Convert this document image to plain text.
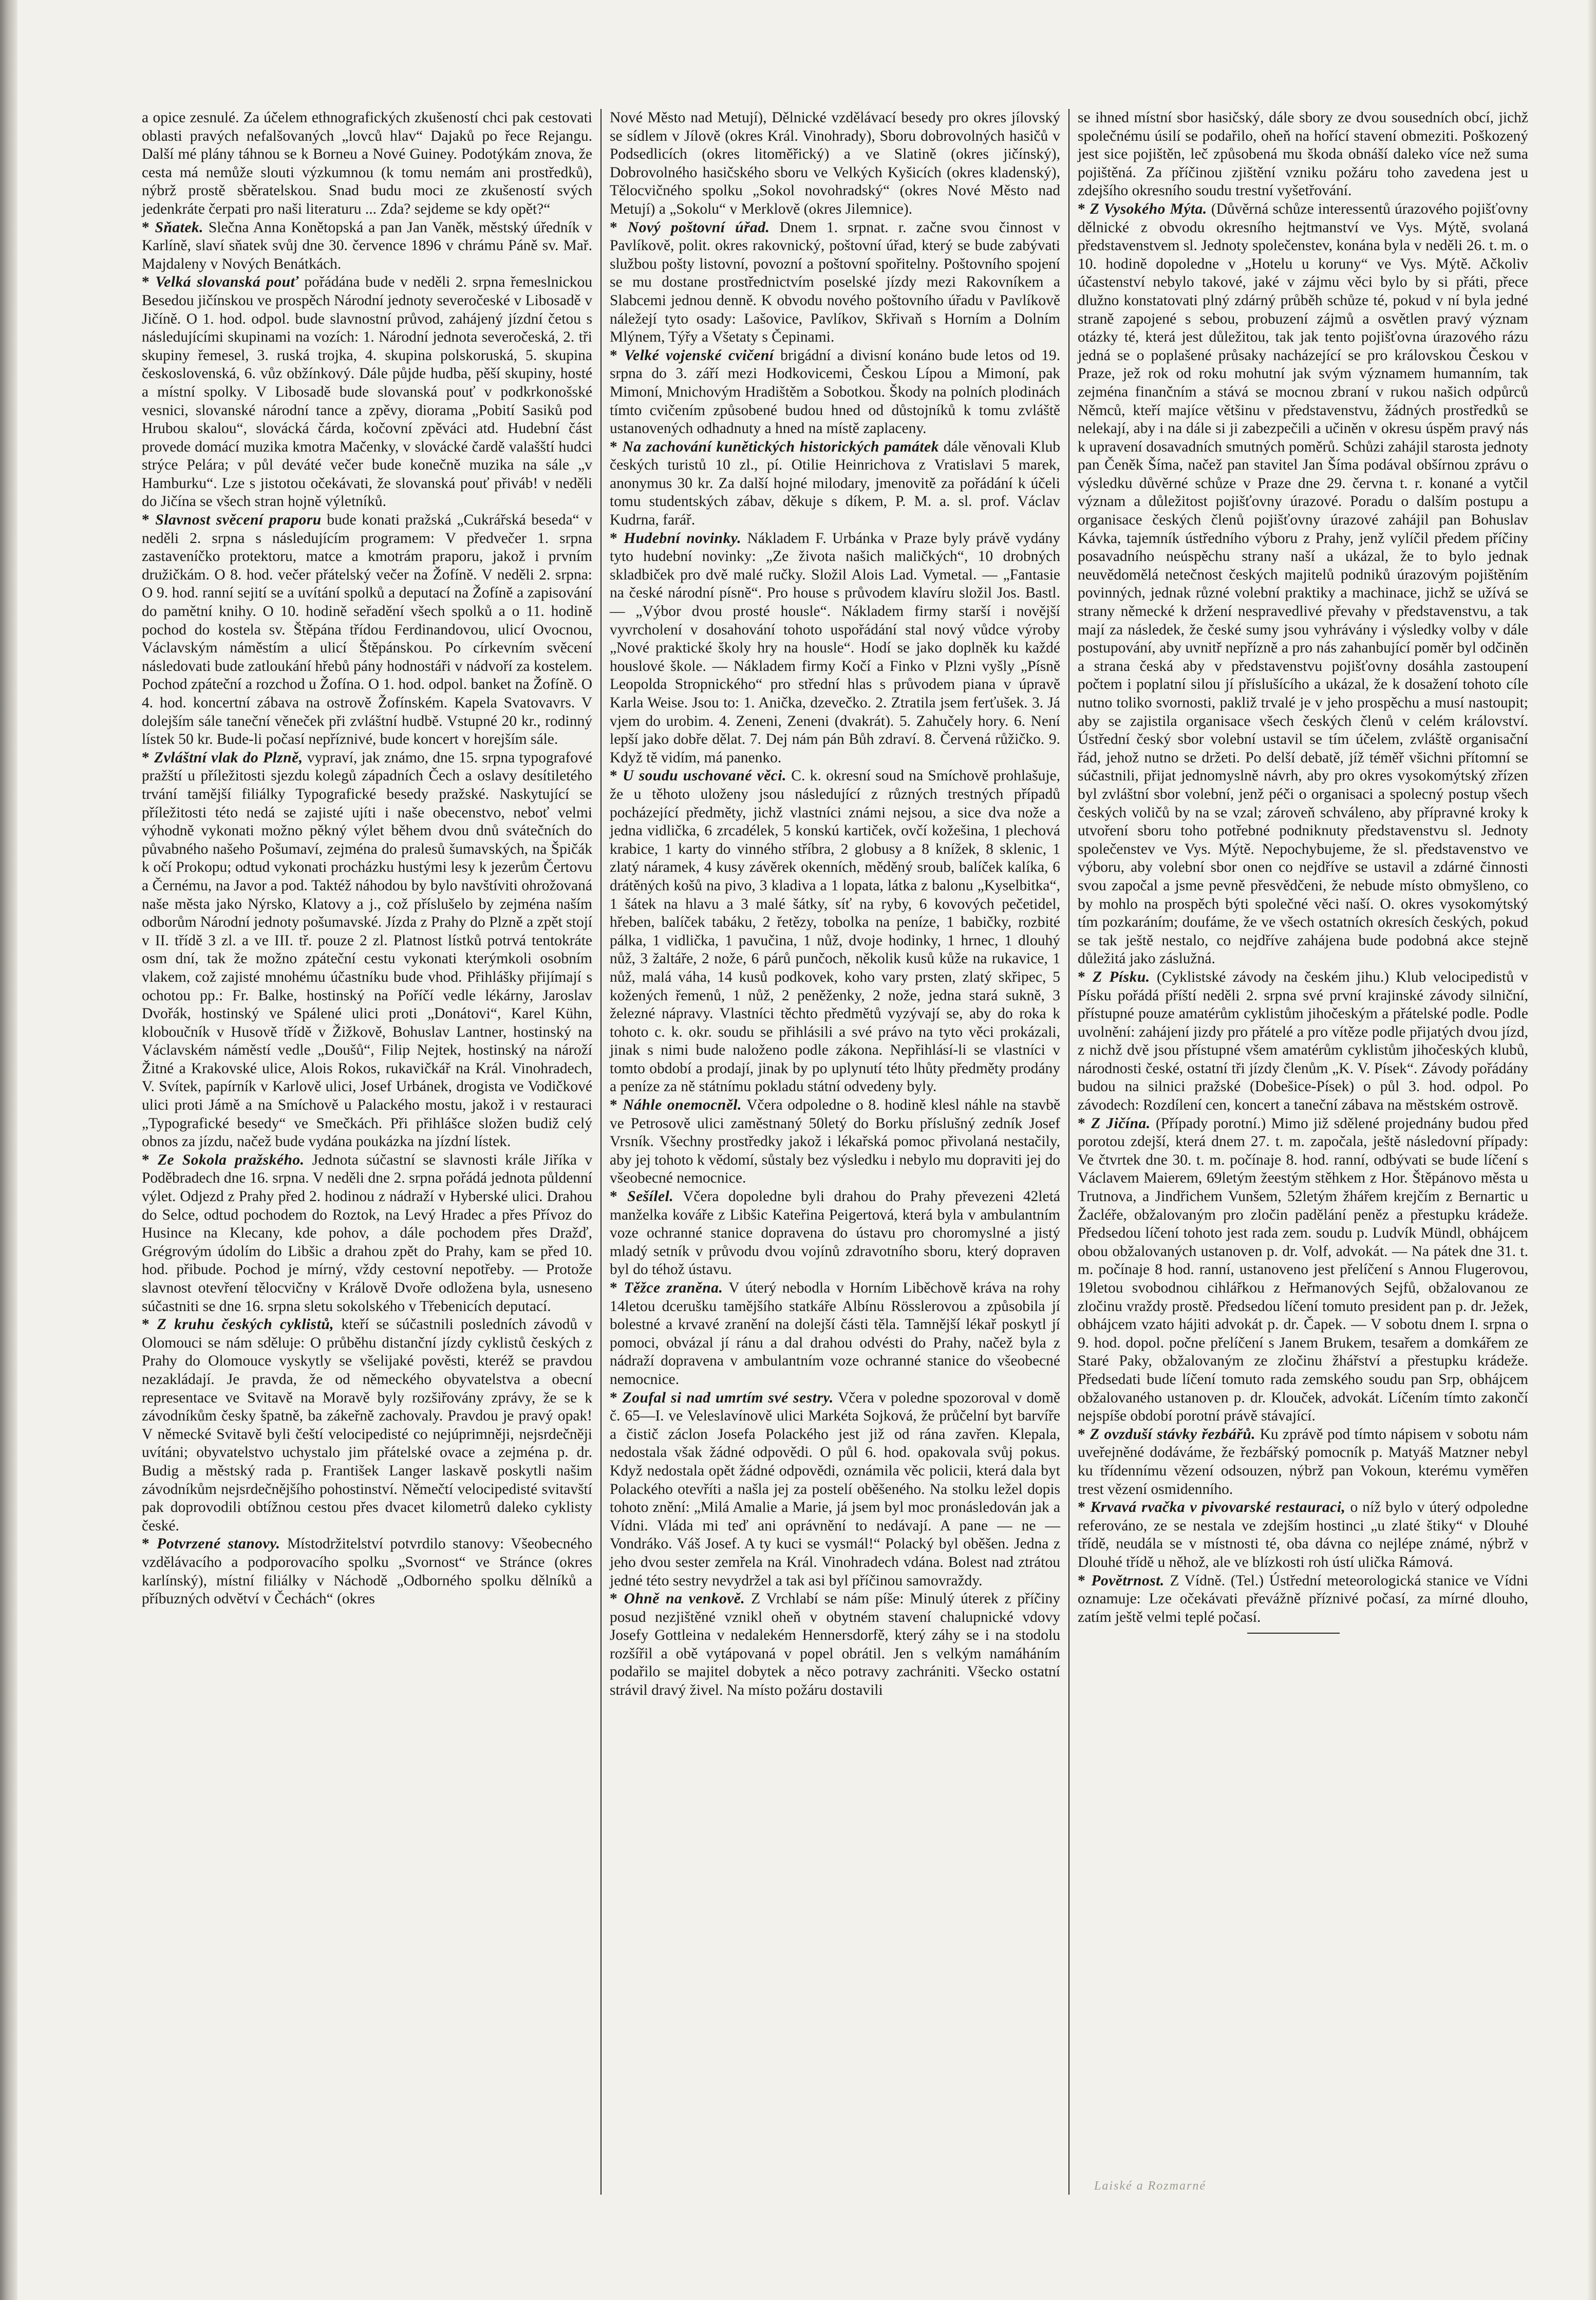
a opice zesnulé. Za účelem ethnografických zkušeností chci pak cestovati oblasti pravých nefalšovaných „lovců hlav“ Dajaků po řece Rejangu. Další mé plány táhnou se k Borneu a Nové Guiney. Podotýkám znova, že cesta má nemůže slouti výzkumnou (k tomu nemám ani prostředků), nýbrž prostě sběratelskou. Snad budu moci ze zkušeností svých jedenkráte čerpati pro naši literaturu ... Zda? sejdeme se kdy opět?“

* Sňatek. Slečna Anna Konětopská a pan Jan Vaněk, městský úředník v Karlíně, slaví sňatek svůj dne 30. července 1896 v chrámu Páně sv. Mař. Majdaleny v Nových Benátkách.

* Velká slovanská pouť pořádána bude v neděli 2. srpna řemeslnickou Besedou jičínskou ve prospěch Národní jednoty severočeské v Libosadě v Jičíně. O 1. hod. odpol. bude slavnostní průvod, zahájený jízdní četou s následujícími skupinami na vozích: 1. Národní jednota severočeská, 2. tři skupiny řemesel, 3. ruská trojka, 4. skupina polskoruská, 5. skupina československá, 6. vůz obžínkový. Dále půjde hudba, pěší skupiny, hosté a místní spolky. V Libosadě bude slovanská pouť v podkrkonošské vesnici, slovanské národní tance a zpěvy, diorama „Pobití Sasiků pod Hrubou skalou“, slovácká čárda, kočovní zpěváci atd. Hudební část provede domácí muzika kmotra Mačenky, v slovácké čardě valašští hudci strýce Pelára; v půl deváté večer bude konečně muzika na sále „v Hamburku“. Lze s jistotou očekávati, že slovanská pouť přiváb! v neděli do Jičína se všech stran hojně výletníků.

* Slavnost svěcení praporu bude konati pražská „Cukrářská beseda“ v neděli 2. srpna s následujícím programem: V předvečer 1. srpna zastaveníčko protektoru, matce a kmotrám praporu, jakož i prvním družičkám. O 8. hod. večer přátelský večer na Žofíně. V neděli 2. srpna: O 9. hod. ranní sejití se a uvítání spolků a deputací na Žofíně a zapisování do pamětní knihy. O 10. hodině seřadění všech spolků a o 11. hodině pochod do kostela sv. Štěpána třídou Ferdinandovou, ulicí Ovocnou, Václavským náměstím a ulicí Štěpánskou. Po církevním svěcení následovati bude zatloukání hřebů pány hodnostáři v nádvoří za kostelem. Pochod zpáteční a rozchod u Žofína. O 1. hod. odpol. banket na Žofíně. O 4. hod. koncertní zábava na ostrově Žofínském. Kapela Svatovavrs. V dolejším sále taneční věneček při zvláštní hudbě. Vstupné 20 kr., rodinný lístek 50 kr. Bude-li počasí nepříznivé, bude koncert v horejším sále.

* Zvláštní vlak do Plzně, vypraví, jak známo, dne 15. srpna typografové pražští u příležitosti sjezdu kolegů západních Čech a oslavy desítiletého trvání tamější filiálky Typografické besedy pražské. Naskytující se příležitosti této nedá se zajisté ujíti i naše obecenstvo, neboť velmi výhodně vykonati možno pěkný výlet během dvou dnů svátečních do půvabného našeho Pošumaví, zejména do pralesů šumavských, na Špičák k očí Prokopu; odtud vykonati procházku hustými lesy k jezerům Čertovu a Černému, na Javor a pod. Taktéž náhodou by bylo navštíviti ohrožovaná naše města jako Nýrsko, Klatovy a j., což příslušelo by zejména naším odborům Národní jednoty pošumavské. Jízda z Prahy do Plzně a zpět stojí v II. třídě 3 zl. a ve III. tř. pouze 2 zl. Platnost lístků potrvá tentokráte osm dní, tak že možno zpáteční cestu vykonati kterýmkoli osobním vlakem, což zajisté mnohému účastníku bude vhod. Přihlášky přijímají s ochotou pp.: Fr. Balke, hostinský na Poříčí vedle lékárny, Jaroslav Dvořák, hostinský ve Spálené ulici proti „Donátovi“, Karel Kühn, kloboučník v Husově třídě v Žižkově, Bohuslav Lantner, hostinský na Václavském náměstí vedle „Doušů“, Filip Nejtek, hostinský na nároží Žitné a Krakovské ulice, Alois Rokos, rukavičkář na Král. Vinohradech, V. Svítek, papírník v Karlově ulici, Josef Urbánek, drogista ve Vodičkové ulici proti Jámě a na Smíchově u Palackého mostu, jakož i v restauraci „Typografické besedy“ ve Smečkách. Při přihlášce složen budiž celý obnos za jízdu, načež bude vydána poukázka na jízdní lístek.

* Ze Sokola pražského. Jednota súčastní se slavnosti krále Jiříka v Poděbradech dne 16. srpna. V neděli dne 2. srpna pořádá jednota půldenní výlet. Odjezd z Prahy před 2. hodinou z nádraží v Hyberské ulici. Drahou do Selce, odtud pochodem do Roztok, na Levý Hradec a přes Přívoz do Husince na Klecany, kde pohov, a dále pochodem přes Dražď, Grégrovým údolím do Libšic a drahou zpět do Prahy, kam se před 10. hod. přibude. Pochod je mírný, vždy cestovní nepotřeby. — Protože slavnost otevření tělocvičny v Králově Dvoře odložena byla, usneseno súčastniti se dne 16. srpna sletu sokolského v Třebenicích deputací.

* Z kruhu českých cyklistů, kteří se súčastnili posledních závodů v Olomouci se nám sděluje: O průběhu distanční jízdy cyklistů českých z Prahy do Olomouce vyskytly se všelijaké pověsti, kteréž se pravdou nezakládají. Je pravda, že od německého obyvatelstva a obecní representace ve Svitavě na Moravě byly rozšiřovány zprávy, že se k závodníkům česky špatně, ba zákeřně zachovaly. Pravdou je pravý opak! V německé Svitavě byli čeští velocipedisté co nejúprimněji, nejsrdečněji uvítáni; obyvatelstvo uchystalo jim přátelské ovace a zejména p. dr. Budig a městský rada p. František Langer laskavě poskytli našim závodníkům nejsrdečnějšího pohostinství. Němečtí velocipedisté svitavští pak doprovodili obtížnou cestou přes dvacet kilometrů daleko cyklisty české.

* Potvrzené stanovy. Místodržitelství potvrdilo stanovy: Všeobecného vzdělávacího a podporovacího spolku „Svornost“ ve Stránce (okres karlínský), místní filiálky v Náchodě „Odborného spolku dělníků a příbuzných odvětví v Čechách“ (okres

Nové Město nad Metují), Dělnické vzdělávací besedy pro okres jílovský se sídlem v Jílově (okres Král. Vinohrady), Sboru dobrovolných hasičů v Podsedlicích (okres litoměřický) a ve Slatině (okres jičínský), Dobrovolného hasičského sboru ve Velkých Kyšicích (okres kladenský), Tělocvičného spolku „Sokol novohradský“ (okres Nové Město nad Metují) a „Sokolu“ v Merklově (okres Jilemnice).

* Nový poštovní úřad. Dnem 1. srpnat. r. začne svou činnost v Pavlíkově, polit. okres rakovnický, poštovní úřad, který se bude zabývati službou pošty listovní, povozní a poštovní spořitelny. Poštovního spojení se mu dostane prostřednictvím poselské jízdy mezi Rakovníkem a Slabcemi jednou denně. K obvodu nového poštovního úřadu v Pavlíkově náležejí tyto osady: Lašovice, Pavlíkov, Skřivaň s Horním a Dolním Mlýnem, Týřy a Všetaty s Čepinami.

* Velké vojenské cvičení brigádní a divisní konáno bude letos od 19. srpna do 3. září mezi Hodkovicemi, Českou Lípou a Mimoní, pak Mimoní, Mnichovým Hradištěm a Sobotkou. Škody na polních plodinách tímto cvičením způsobené budou hned od důstojníků k tomu zvláště ustanovených odhadnuty a hned na místě zaplaceny.

* Na zachování kunětických historických památek dále věnovali Klub českých turistů 10 zl., pí. Otilie Heinrichova z Vratislavi 5 marek, anonymus 30 kr. Za další hojné milodary, jmenovitě za pořádání k účeli tomu studentských zábav, děkuje s díkem, P. M. a. sl. prof. Václav Kudrna, farář.

* Hudební novinky. Nákladem F. Urbánka v Praze byly právě vydány tyto hudební novinky: „Ze života našich maličkých“, 10 drobných skladbiček pro dvě malé ručky. Složil Alois Lad. Vymetal. — „Fantasie na české národní písně“. Pro house s průvodem klavíru složil Jos. Bastl. — „Výbor dvou prosté housle“. Nákladem firmy starší i novější vyvrcholení v dosahování tohoto uspořádání stal nový vůdce výroby „Nové praktické školy hry na housle“. Hodí se jako doplněk ku každé houslové škole. — Nákladem firmy Kočí a Finko v Plzni vyšly „Písně Leopolda Stropnického“ pro střední hlas s průvodem piana v úpravě Karla Weise. Jsou to: 1. Anička, dzevečko. 2. Ztratila jsem ferťušek. 3. Já vjem do urobim. 4. Zeneni, Zeneni (dvakrát). 5. Zahučely hory. 6. Není lepší jako dobře dělat. 7. Dej nám pán Bůh zdraví. 8. Červená růžičko. 9. Když tě vidím, má panenko.

* U soudu uschované věci. C. k. okresní soud na Smíchově prohlašuje, že u těhoto uloženy jsou následující z různých trestných případů pocházející předměty, jichž vlastníci známi nejsou, a sice dva nože a jedna vidlička, 6 zrcadélek, 5 konskú kartiček, ovčí kožešina, 1 plechová krabice, 1 karty do vinného stříbra, 2 globusy a 8 knížek, 8 sklenic, 1 zlatý náramek, 4 kusy závěrek okenních, měděný sroub, balíček kalíka, 6 drátěných košů na pivo, 3 kladiva a 1 lopata, látka z balonu „Kyselbitka“, 1 šátek na hlavu a 3 malé šátky, síť na ryby, 6 kovových pečetidel, hřeben, balíček tabáku, 2 řetězy, tobolka na peníze, 1 babičky, rozbité pálka, 1 vidlička, 1 pavučina, 1 nůž, dvoje hodinky, 1 hrnec, 1 dlouhý nůž, 3 žaltáře, 2 nože, 6 párů punčoch, několik kusů kůže na rukavice, 1 nůž, malá váha, 14 kusů podkovek, koho vary prsten, zlatý skřipec, 5 kožených řemenů, 1 nůž, 2 peněženky, 2 nože, jedna stará sukně, 3 železné nápravy. Vlastníci těchto předmětů vyzývají se, aby do roka k tohoto c. k. okr. soudu se přihlásili a své právo na tyto věci prokázali, jinak s nimi bude naloženo podle zákona. Nepřihlásí-li se vlastníci v tomto období a prodají, jinak by po uplynutí této lhůty předměty prodány a peníze za ně státnímu pokladu státní odvedeny byly.

* Náhle onemocněl. Včera odpoledne o 8. hodině klesl náhle na stavbě ve Petrosově ulici zaměstnaný 50letý do Borku příslušný zedník Josef Vrsník. Všechny prostředky jakož i lékařská pomoc přivolaná nestačily, aby jej tohoto k vědomí, sůstaly bez výsledku i nebylo mu dopraviti jej do všeobecné nemocnice.

* Sešílel. Včera dopoledne byli drahou do Prahy převezeni 42letá manželka kováře z Libšic Kateřina Peigertová, která byla v ambulantním voze ochranné stanice dopravena do ústavu pro choromyslné a jistý mladý setník v průvodu dvou vojínů zdravotního sboru, který dopraven byl do téhož ústavu.

* Těžce zraněna. V úterý nebodla v Horním Liběchově kráva na rohy 14letou dcerušku tamějšího statkáře Albínu Rösslerovou a způsobila jí bolestné a krvavé zranění na dolejší části těla. Tamnější lékař poskytl jí pomoci, obvázal jí ránu a dal drahou odvésti do Prahy, načež byla z nádraží dopravena v ambulantním voze ochranné stanice do všeobecné nemocnice.

* Zoufal si nad umrtím své sestry. Včera v poledne spozoroval v domě č. 65—I. ve Veleslavínově ulici Markéta Sojková, že průčelní byt barvíře a čistič záclon Josefa Polackého jest již od rána zavřen. Klepala, nedostala však žádné odpovědi. O půl 6. hod. opakovala svůj pokus. Když nedostala opět žádné odpovědi, oznámila věc policii, která dala byt Polackého otevříti a našla jej za postelí oběšeného. Na stolku ležel dopis tohoto znění: „Milá Amalie a Marie, já jsem byl moc pronásledován jak a Vídni. Vláda mi teď ani oprávnění to nedávají. A pane — ne — Vondráko. Váš Josef. A ty kuci se vysmál!“ Polacký byl oběšen. Jedna z jeho dvou sester zemřela na Král. Vinohradech vdána. Bolest nad ztrátou jedné této sestry nevydržel a tak asi byl příčinou samovraždy.

* Ohně na venkově. Z Vrchlabí se nám píše: Minulý úterek z příčiny posud nezjištěné vznikl oheň v obytném stavení chalupnické vdovy Josefy Gottleina v nedalekém Hennersdorfě, který záhy se i na stodolu rozšířil a obě vytápovaná v popel obrátil. Jen s velkým namáháním podařilo se majitel dobytek a něco potravy zachrániti. Všecko ostatní strávil dravý živel. Na místo požáru dostavili

se ihned místní sbor hasičský, dále sbory ze dvou sousedních obcí, jichž společnému úsilí se podařilo, oheň na hořící stavení obmeziti. Poškozený jest sice pojištěn, leč způsobená mu škoda obnáší daleko více než suma pojištěná. Za příčinou zjištění vzniku požáru toho zavedena jest u zdejšího okresního soudu trestní vyšetřování.

* Z Vysokého Mýta. (Důvěrná schůze interessentů úrazového pojišťovny dělnické z obvodu okresního hejtmanství ve Vys. Mýtě, svolaná představenstvem sl. Jednoty společenstev, konána byla v neděli 26. t. m. o 10. hodině dopoledne v „Hotelu u koruny“ ve Vys. Mýtě. Ačkoliv účastenství nebylo takové, jaké v zájmu věci bylo by si přáti, přece dlužno konstatovati plný zdárný průběh schůze té, pokud v ní byla jedné straně zapojené s sebou, probuzení zájmů a osvětlen pravý význam otázky té, která jest důležitou, tak jak tento pojišťovna úrazového rázu jedná se o poplašené průsaky nacházející se pro královskou Českou v Praze, jež rok od roku mohutní jak svým významem humanním, tak zejména finančním a stává se mocnou zbraní v rukou našich odpůrců Němců, kteří majíce většinu v představenstvu, žádných prostředků se nelekají, aby i na dále si ji zabezpečili a učiněn v okresu úspěm pravý nás k upravení dosavadních smutných poměrů. Schůzi zahájil starosta jednoty pan Čeněk Šíma, načež pan stavitel Jan Šíma podával obšírnou zprávu o výsledku důvěrné schůze v Praze dne 29. června t. r. konané a vytčil význam a důležitost pojišťovny úrazové. Poradu o dalším postupu a organisace českých členů pojišťovny úrazové zahájil pan Bohuslav Kávka, tajemník ústředního výboru z Prahy, jenž vylíčil předem příčiny posavadního neúspěchu strany naší a ukázal, že to bylo jednak neuvědomělá netečnost českých majitelů podniků úrazovým pojištěním povinných, jednak různé volební praktiky a machinace, jichž se užívá se strany německé k držení nespravedlivé převahy v představenstvu, a tak mají za následek, že české sumy jsou vyhrávány i výsledky volby v dále postupování, aby uvnitř nepřízně a pro nás zahanbující poměr byl odčiněn a strana česká aby v představenstvu pojišťovny dosáhla zastoupení počtem i poplatní silou jí příslušícího a ukázal, že k dosažení tohoto cíle nutno toliko svornosti, pakliž trvalé je v jeho prospěchu a musí nastoupit; aby se zajistila organisace všech českých členů v celém království. Ústřední český sbor volební ustavil se tím účelem, zvláště organisační řád, jehož nutno se držeti. Po delší debatě, jíž téměř všichni přítomní se súčastnili, přijat jednomyslně návrh, aby pro okres vysokomýtský zřízen byl zvláštní sbor volební, jenž péči o organisaci a spolecný postup všech českých voličů by na se vzal; zároveň schváleno, aby přípravné kroky k utvoření sboru toho potřebné podniknuty představenstvu sl. Jednoty společenstev ve Vys. Mýtě. Nepochybujeme, že sl. představenstvo ve výboru, aby volební sbor onen co nejdříve se ustavil a zdárné činnosti svou započal a jsme pevně přesvědčeni, že nebude místo obmyšleno, co by mohlo na prospěch býti společné věci naší. O. okres vysokomýtský tím pozkaráním; doufáme, že ve všech ostatních okresích českých, pokud se tak ještě nestalo, co nejdříve zahájena bude podobná akce stejně důležitá jako záslužná.

* Z Písku. (Cyklistské závody na českém jihu.) Klub velocipedistů v Písku pořádá příští neděli 2. srpna své první krajinské závody silniční, přístupné pouze amatérům cyklistům jihočeským a přátelské podle. Podle uvolnění: zahájení jizdy pro přátelé a pro vítěze podle přijatých dvou jízd, z nichž dvě jsou přístupné všem amatérům cyklistům jihočeských klubů, národnosti české, ostatní tři jízdy členům „K. V. Písek“. Závody pořádány budou na silnici pražské (Dobešice-Písek) o půl 3. hod. odpol. Po závodech: Rozdílení cen, koncert a taneční zábava na městském ostrově.

* Z Jičína. (Případy porotní.) Mimo již sdělené projednány budou před porotou zdejší, která dnem 27. t. m. započala, ještě následovní případy: Ve čtvrtek dne 30. t. m. počínaje 8. hod. ranní, odbývati se bude líčení s Václavem Maierem, 69letým žeestým stěhkem z Hor. Štěpánovo města u Trutnova, a Jindřichem Vunšem, 52letým žhářem krejčím z Bernartic u Žacléře, obžalovaným pro zločin padělání peněz a přestupku krádeže. Předsedou líčení tohoto jest rada zem. soudu p. Ludvík Mündl, obhájcem obou obžalovaných ustanoven p. dr. Volf, advokát. — Na pátek dne 31. t. m. počínaje 8 hod. ranní, ustanoveno jest přelíčení s Annou Flugerovou, 19letou svobodnou cihlářkou z Heřmanových Sejfů, obžalovanou ze zločinu vraždy prostě. Předsedou líčení tomuto president pan p. dr. Ježek, obhájcem vzato hájiti advokát p. dr. Čapek. — V sobotu dnem I. srpna o 9. hod. dopol. počne přelíčení s Janem Brukem, tesařem a domkářem ze Staré Paky, obžalovaným ze zločinu žhářství a přestupku krádeže. Předsedati bude líčení tomuto rada zemského soudu pan Srp, obhájcem obžalovaného ustanoven p. dr. Klouček, advokát. Líčením tímto zakončí nejspíše období porotní právě stávající.

* Z ovzduší stávky řezbářů. Ku zprávě pod tímto nápisem v sobotu nám uveřejněné dodáváme, že řezbářský pomocník p. Matyáš Matzner nebyl ku třídennímu vězení odsouzen, nýbrž pan Vokoun, kterému vyměřen trest vězení osmidenního.

* Krvavá rvačka v pivovarské restauraci, o níž bylo v úterý odpoledne referováno, ze se nestala ve zdejším hostinci „u zlaté štiky“ v Dlouhé třídě, neudála se v místnosti té, oba dávna co nejlépe známé, nýbrž v Dlouhé třídě u něhož, ale ve blízkosti roh ústí ulička Rámová.

* Povětrnost. Z Vídně. (Tel.) Ústřední meteorologická stanice ve Vídni oznamuje: Lze očekávati převážně příznivé počasí, za mírné dlouho, zatím ještě velmi teplé počasí.

Laiské a Rozmarné
